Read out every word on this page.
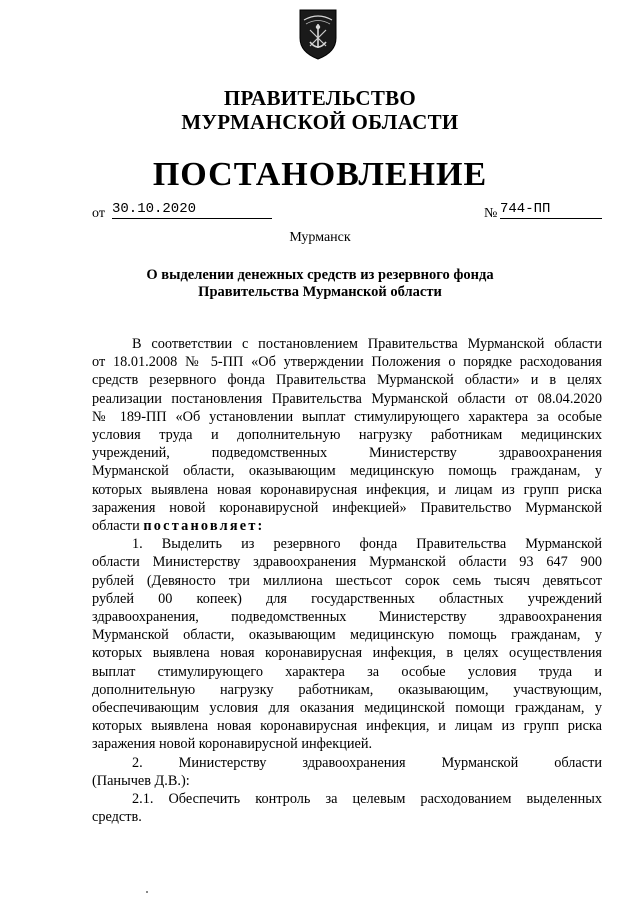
ПРАВИТЕЛЬСТВО
МУРМАНСКОЙ ОБЛАСТИ
ПОСТАНОВЛЕНИЕ
от 30.10.2020	№ 744-ПП
Мурманск
О выделении денежных средств из резервного фонда
Правительства Мурманской области
В соответствии с постановлением Правительства Мурманской области
от 18.01.2008 № 5-ПП «Об утверждении Положения о порядке расходования
средств резервного фонда Правительства Мурманской области» и в целях
реализации постановления Правительства Мурманской области от 08.04.2020
№ 189-ПП «Об установлении выплат стимулирующего характера за особые
условия труда и дополнительную нагрузку работникам медицинских
учреждений, подведомственных Министерству здравоохранения
Мурманской области, оказывающим медицинскую помощь гражданам, у
которых выявлена новая коронавирусная инфекция, и лицам из групп риска
заражения новой коронавирусной инфекцией» Правительство Мурманской
области постановляет:
1. Выделить из резервного фонда Правительства Мурманской
области Министерству здравоохранения Мурманской области 93 647 900
рублей (Девяносто три миллиона шестьсот сорок семь тысяч девятьсот
рублей 00 копеек) для государственных областных учреждений
здравоохранения, подведомственных Министерству здравоохранения
Мурманской области, оказывающим медицинскую помощь гражданам, у
которых выявлена новая коронавирусная инфекция, в целях осуществления
выплат стимулирующего характера за особые условия труда и
дополнительную нагрузку работникам, оказывающим, участвующим,
обеспечивающим условия для оказания медицинской помощи гражданам, у
которых выявлена новая коронавирусная инфекция, и лицам из групп риска
заражения новой коронавирусной инфекцией.
2. Министерству здравоохранения Мурманской области
(Панычев Д.В.):
2.1. Обеспечить контроль за целевым расходованием выделенных
средств.
